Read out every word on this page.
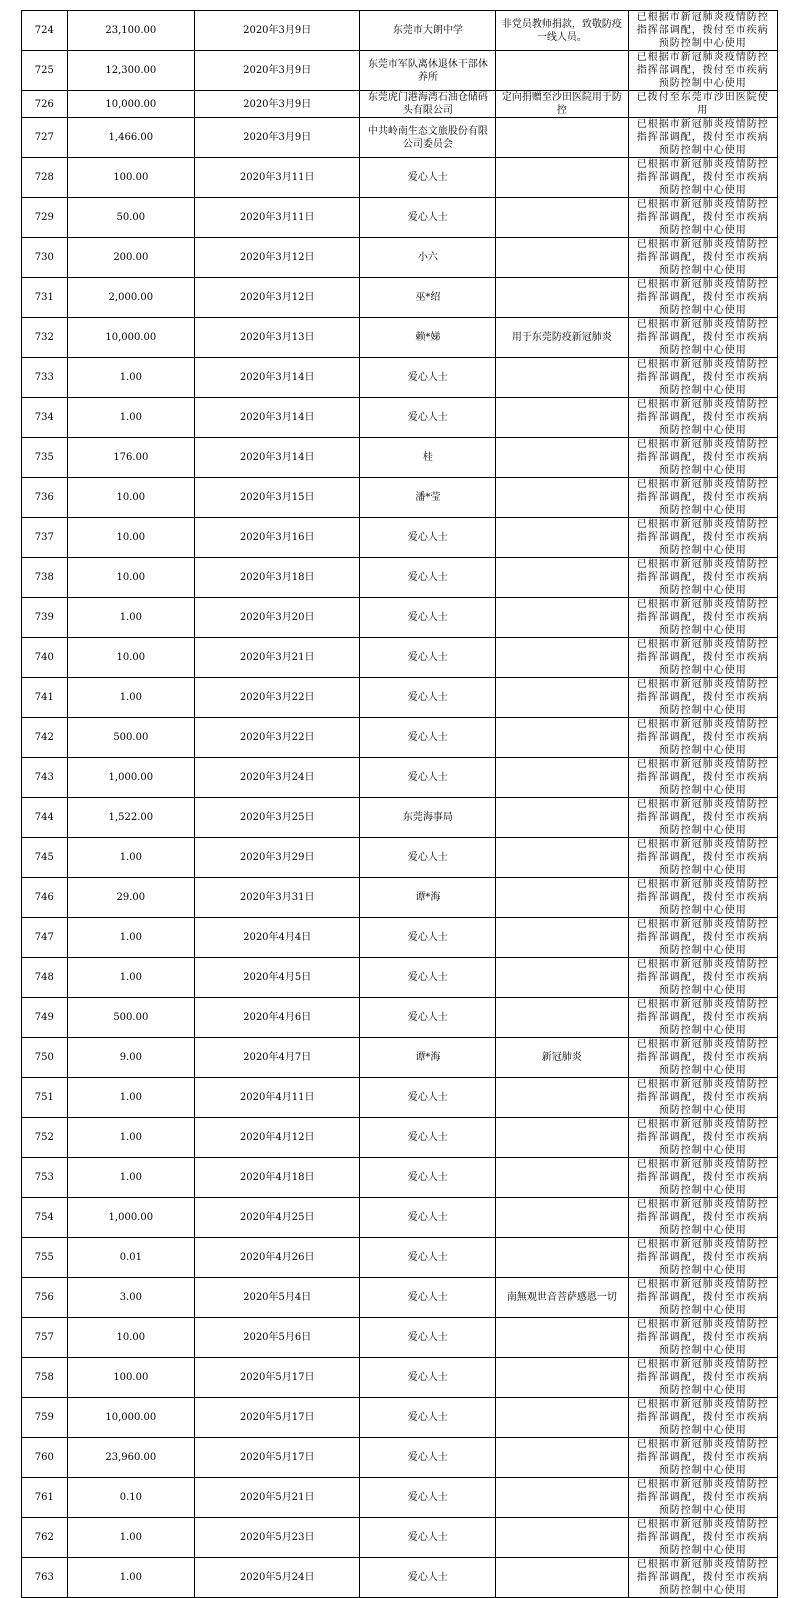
724	23,100.00	2020年3月9日	东莞市大朗中学	非党员教师捐款，致敬防疫一线人员。	已根据市新冠肺炎疫情防控指挥部调配，拨付至市疾病预防控制中心使用
725	12,300.00	2020年3月9日	东莞市军队离休退休干部休养所		已根据市新冠肺炎疫情防控指挥部调配，拨付至市疾病预防控制中心使用
726	10,000.00	2020年3月9日	东莞虎门港海湾石油仓储码头有限公司	定向捐赠至沙田医院用于防控	已拨付至东莞市沙田医院使用
727	1,466.00	2020年3月9日	中共岭南生态文旅股份有限公司委员会		已根据市新冠肺炎疫情防控指挥部调配，拨付至市疾病预防控制中心使用
728	100.00	2020年3月11日	爱心人士		已根据市新冠肺炎疫情防控指挥部调配，拨付至市疾病预防控制中心使用
729	50.00	2020年3月11日	爱心人士		已根据市新冠肺炎疫情防控指挥部调配，拨付至市疾病预防控制中心使用
730	200.00	2020年3月12日	小六		已根据市新冠肺炎疫情防控指挥部调配，拨付至市疾病预防控制中心使用
731	2,000.00	2020年3月12日	巫*绍		已根据市新冠肺炎疫情防控指挥部调配，拨付至市疾病预防控制中心使用
732	10,000.00	2020年3月13日	赖*娣	用于东莞防疫新冠肺炎	已根据市新冠肺炎疫情防控指挥部调配，拨付至市疾病预防控制中心使用
733	1.00	2020年3月14日	爱心人士		已根据市新冠肺炎疫情防控指挥部调配，拨付至市疾病预防控制中心使用
734	1.00	2020年3月14日	爱心人士		已根据市新冠肺炎疫情防控指挥部调配，拨付至市疾病预防控制中心使用
735	176.00	2020年3月14日	桂		已根据市新冠肺炎疫情防控指挥部调配，拨付至市疾病预防控制中心使用
736	10.00	2020年3月15日	潘*莹		已根据市新冠肺炎疫情防控指挥部调配，拨付至市疾病预防控制中心使用
737	10.00	2020年3月16日	爱心人士		已根据市新冠肺炎疫情防控指挥部调配，拨付至市疾病预防控制中心使用
738	10.00	2020年3月18日	爱心人士		已根据市新冠肺炎疫情防控指挥部调配，拨付至市疾病预防控制中心使用
739	1.00	2020年3月20日	爱心人士		已根据市新冠肺炎疫情防控指挥部调配，拨付至市疾病预防控制中心使用
740	10.00	2020年3月21日	爱心人士		已根据市新冠肺炎疫情防控指挥部调配，拨付至市疾病预防控制中心使用
741	1.00	2020年3月22日	爱心人士		已根据市新冠肺炎疫情防控指挥部调配，拨付至市疾病预防控制中心使用
742	500.00	2020年3月22日	爱心人士		已根据市新冠肺炎疫情防控指挥部调配，拨付至市疾病预防控制中心使用
743	1,000.00	2020年3月24日	爱心人士		已根据市新冠肺炎疫情防控指挥部调配，拨付至市疾病预防控制中心使用
744	1,522.00	2020年3月25日	东莞海事局		已根据市新冠肺炎疫情防控指挥部调配，拨付至市疾病预防控制中心使用
745	1.00	2020年3月29日	爱心人士		已根据市新冠肺炎疫情防控指挥部调配，拨付至市疾病预防控制中心使用
746	29.00	2020年3月31日	谭*海		已根据市新冠肺炎疫情防控指挥部调配，拨付至市疾病预防控制中心使用
747	1.00	2020年4月4日	爱心人士		已根据市新冠肺炎疫情防控指挥部调配，拨付至市疾病预防控制中心使用
748	1.00	2020年4月5日	爱心人士		已根据市新冠肺炎疫情防控指挥部调配，拨付至市疾病预防控制中心使用
749	500.00	2020年4月6日	爱心人士		已根据市新冠肺炎疫情防控指挥部调配，拨付至市疾病预防控制中心使用
750	9.00	2020年4月7日	谭*海	新冠肺炎	已根据市新冠肺炎疫情防控指挥部调配，拨付至市疾病预防控制中心使用
751	1.00	2020年4月11日	爱心人士		已根据市新冠肺炎疫情防控指挥部调配，拨付至市疾病预防控制中心使用
752	1.00	2020年4月12日	爱心人士		已根据市新冠肺炎疫情防控指挥部调配，拨付至市疾病预防控制中心使用
753	1.00	2020年4月18日	爱心人士		已根据市新冠肺炎疫情防控指挥部调配，拨付至市疾病预防控制中心使用
754	1,000.00	2020年4月25日	爱心人士		已根据市新冠肺炎疫情防控指挥部调配，拨付至市疾病预防控制中心使用
755	0.01	2020年4月26日	爱心人士		已根据市新冠肺炎疫情防控指挥部调配，拨付至市疾病预防控制中心使用
756	3.00	2020年5月4日	爱心人士	南無观世音菩萨感恩一切	已根据市新冠肺炎疫情防控指挥部调配，拨付至市疾病预防控制中心使用
757	10.00	2020年5月6日	爱心人士		已根据市新冠肺炎疫情防控指挥部调配，拨付至市疾病预防控制中心使用
758	100.00	2020年5月17日	爱心人士		已根据市新冠肺炎疫情防控指挥部调配，拨付至市疾病预防控制中心使用
759	10,000.00	2020年5月17日	爱心人士		已根据市新冠肺炎疫情防控指挥部调配，拨付至市疾病预防控制中心使用
760	23,960.00	2020年5月17日	爱心人士		已根据市新冠肺炎疫情防控指挥部调配，拨付至市疾病预防控制中心使用
761	0.10	2020年5月21日	爱心人士		已根据市新冠肺炎疫情防控指挥部调配，拨付至市疾病预防控制中心使用
762	1.00	2020年5月23日	爱心人士		已根据市新冠肺炎疫情防控指挥部调配，拨付至市疾病预防控制中心使用
763	1.00	2020年5月24日	爱心人士		已根据市新冠肺炎疫情防控指挥部调配，拨付至市疾病预防控制中心使用
